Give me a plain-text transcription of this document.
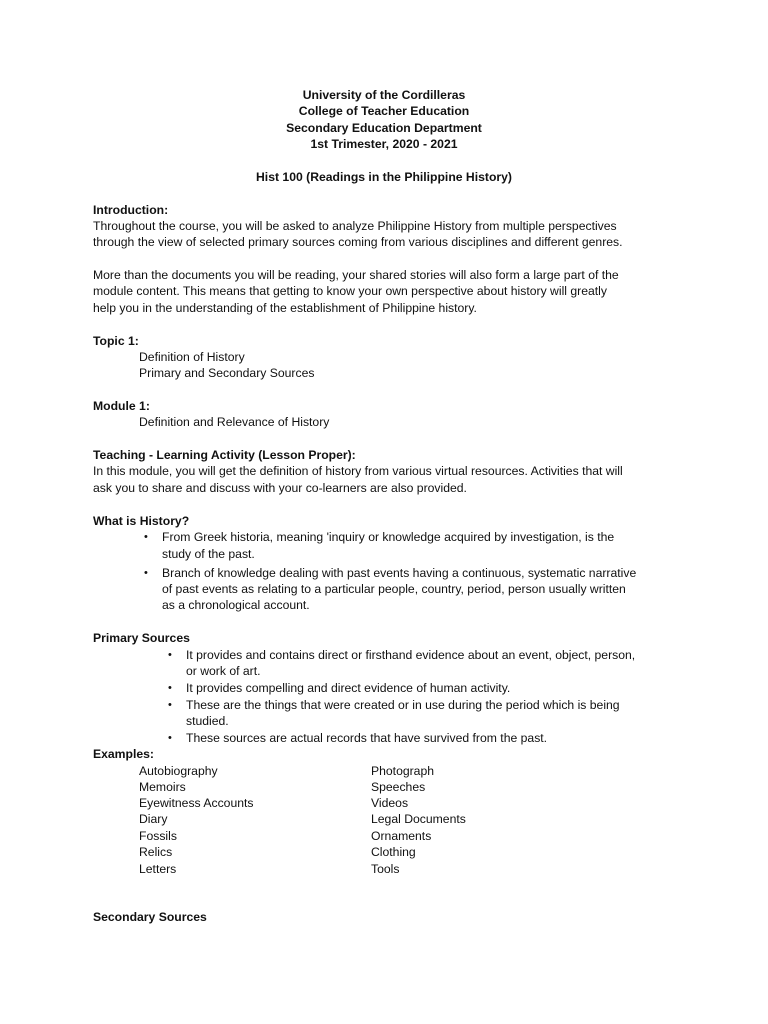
University of the Cordilleras
College of Teacher Education
Secondary Education Department
1st Trimester, 2020 - 2021
Hist 100 (Readings in the Philippine History)
Introduction:
Throughout the course, you will be asked to analyze Philippine History from multiple perspectives
through the view of selected primary sources coming from various disciplines and different genres.
More than the documents you will be reading, your shared stories will also form a large part of the
module content. This means that getting to know your own perspective about history will greatly
help you in the understanding of the establishment of Philippine history.
Topic 1:
Definition of History
Primary and Secondary Sources
Module 1:
Definition and Relevance of History
Teaching - Learning Activity (Lesson Proper):
In this module, you will get the definition of history from various virtual resources. Activities that will
ask you to share and discuss with your co-learners are also provided.
What is History?
• From Greek historia, meaning 'inquiry or knowledge acquired by investigation, is the
study of the past.
• Branch of knowledge dealing with past events having a continuous, systematic narrative
of past events as relating to a particular people, country, period, person usually written
as a chronological account.
Primary Sources
• It provides and contains direct or firsthand evidence about an event, object, person,
or work of art.
• It provides compelling and direct evidence of human activity.
• These are the things that were created or in use during the period which is being
studied.
• These sources are actual records that have survived from the past.
Examples:
Autobiography
Memoirs
Eyewitness Accounts
Diary
Fossils
Relics
Letters
Photograph
Speeches
Videos
Legal Documents
Ornaments
Clothing
Tools
Secondary Sources
